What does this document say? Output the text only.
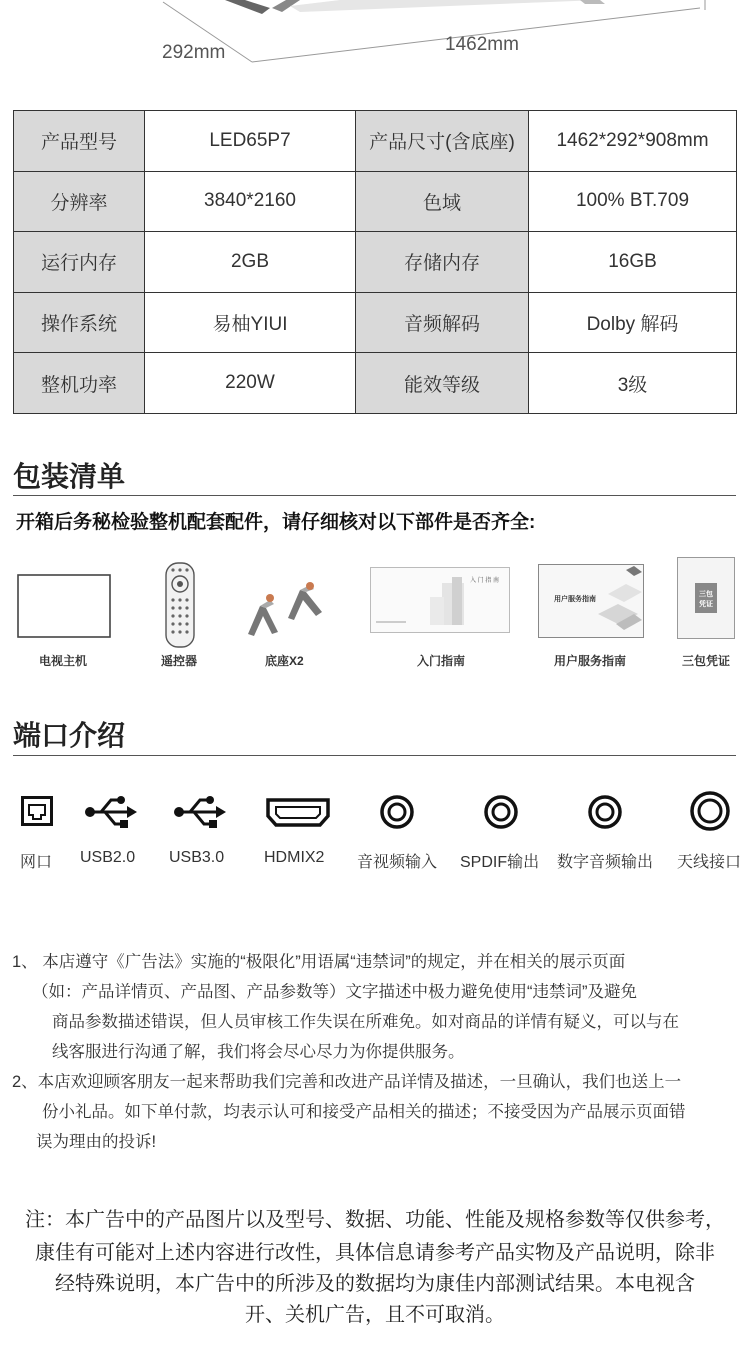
292mm	1462mm
产品型号	LED65P7	产品尺寸(含底座)	1462*292*908mm
分辨率	3840*2160	色域	100% BT.709
运行内存	2GB	存储内存	16GB
操作系统	易柚YIUI	音频解码	Dolby 解码
整机功率	220W	能效等级	3级
包装清单
开箱后务秘检验整机配套配件，请仔细核对以下部件是否齐全:
电视主机	遥控器	底座X2
入 门 指 南
入门指南
用户服务指南
用户服务指南
三包
凭证
三包凭证
端口介绍
网口 USB2.0 USB3.0 HDMIX2 音视频输入 SPDIF输出 数字音频输出 天线接口
1、 本店遵守《广告法》实施的“极限化”用语属“违禁词”的规定，并在相关的展示页面
（如：产品详情页、产品图、产品参数等）文字描述中极力避免使用“违禁词”及避免
商品参数描述错误，但人员审核工作失误在所难免。如对商品的详情有疑义，可以与在
线客服进行沟通了解，我们将会尽心尽力为你提供服务。
2、本店欢迎顾客朋友一起来帮助我们完善和改进产品详情及描述，一旦确认，我们也送上一
份小礼品。如下单付款，均表示认可和接受产品相关的描述；不接受因为产品展示页面错
误为理由的投诉!
注：本广告中的产品图片以及型号、数据、功能、性能及规格参数等仅供参考，
康佳有可能对上述内容进行改性，具体信息请参考产品实物及产品说明，除非
经特殊说明，本广告中的所涉及的数据均为康佳内部测试结果。本电视含
开、关机广告，且不可取消。
